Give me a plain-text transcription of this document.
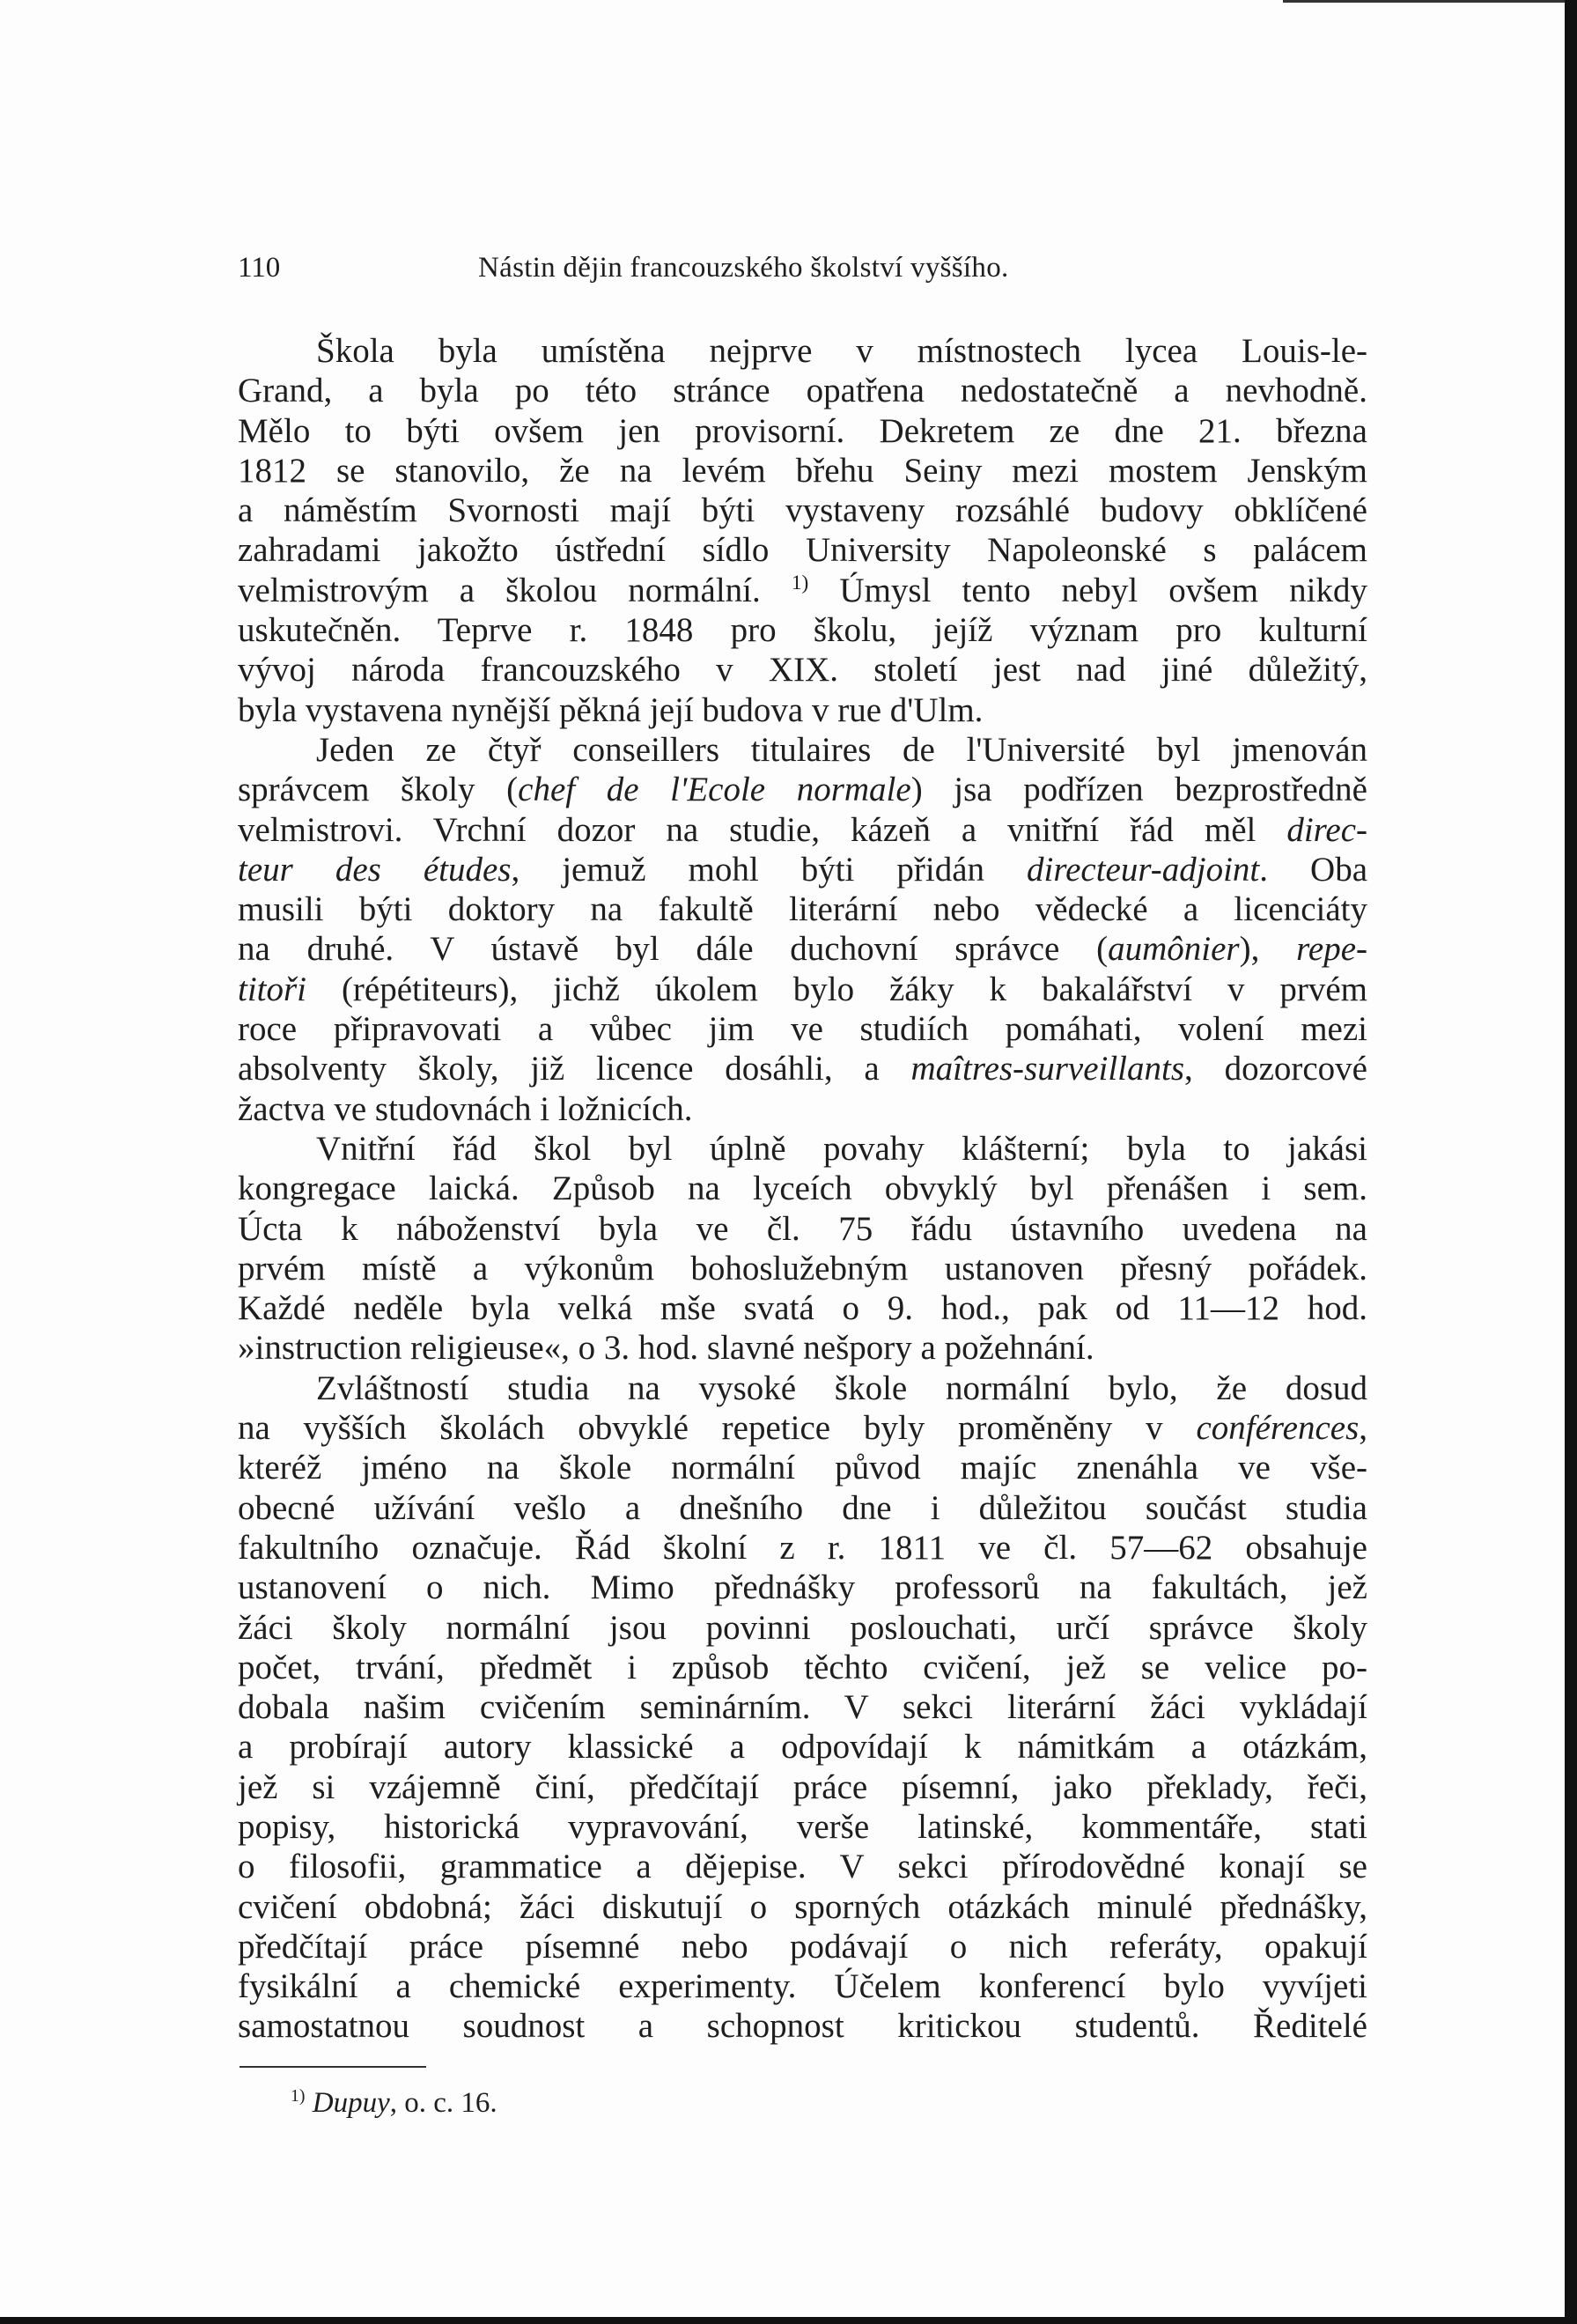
110	Nástin dějin francouzského školství vyššího.
Škola byla umístěna nejprve v místnostech lycea Louis-le-
Grand, a byla po této stránce opatřena nedostatečně a nevhodně.
Mělo to býti ovšem jen provisorní. Dekretem ze dne 21. března
1812 se stanovilo, že na levém břehu Seiny mezi mostem Jenským
a náměstím Svornosti mají býti vystaveny rozsáhlé budovy obklíčené
zahradami jakožto ústřední sídlo University Napoleonské s palácem
velmistrovým a školou normální. $^{1)}$ Úmysl tento nebyl ovšem nikdy
uskutečněn. Teprve r. 1848 pro školu, jejíž význam pro kulturní
vývoj národa francouzského v XIX. století jest nad jiné důležitý,
byla vystavena nynější pěkná její budova v rue d'Ulm.
Jeden ze čtyř conseillers titulaires de l'Université byl jmenován
správcem školy (chef de l'Ecole normale) jsa podřízen bezprostředně
velmistrovi. Vrchní dozor na studie, kázeň a vnitřní řád měl direc-
teur des études, jemuž mohl býti přidán directeur-adjoint. Oba
musili býti doktory na fakultě literární nebo vědecké a licenciáty
na druhé. V ústavě byl dále duchovní správce (aumônier), repe-
titoři (répétiteurs), jichž úkolem bylo žáky k bakalářství v prvém
roce připravovati a vůbec jim ve studiích pomáhati, volení mezi
absolventy školy, již licence dosáhli, a maîtres-surveillants, dozorcové
žactva ve studovnách i ložnicích.
Vnitřní řád škol byl úplně povahy klášterní; byla to jakási
kongregace laická. Způsob na lyceích obvyklý byl přenášen i sem.
Úcta k náboženství byla ve čl. 75 řádu ústavního uvedena na
prvém místě a výkonům bohoslužebným ustanoven přesný pořádek.
Každé neděle byla velká mše svatá o 9. hod., pak od 11—12 hod.
»instruction religieuse«, o 3. hod. slavné nešpory a požehnání.
Zvláštností studia na vysoké škole normální bylo, že dosud
na vyšších školách obvyklé repetice byly proměněny v conférences,
kteréž jméno na škole normální původ majíc znenáhla ve vše-
obecné užívání vešlo a dnešního dne i důležitou součást studia
fakultního označuje. Řád školní z r. 1811 ve čl. 57—62 obsahuje
ustanovení o nich. Mimo přednášky professorů na fakultách, jež
žáci školy normální jsou povinni poslouchati, určí správce školy
počet, trvání, předmět i způsob těchto cvičení, jež se velice po-
dobala našim cvičením seminárním. V sekci literární žáci vykládají
a probírají autory klassické a odpovídají k námitkám a otázkám,
jež si vzájemně činí, předčítají práce písemní, jako překlady, řeči,
popisy, historická vypravování, verše latinské, kommentáře, stati
o filosofii, grammatice a dějepise. V sekci přírodovědné konají se
cvičení obdobná; žáci diskutují o sporných otázkách minulé přednášky,
předčítají práce písemné nebo podávají o nich referáty, opakují
fysikální a chemické experimenty. Účelem konferencí bylo vyvíjeti
samostatnou soudnost a schopnost kritickou studentů. Ředitelé
$^{1)}$ Dupuy, o. c. 16.
